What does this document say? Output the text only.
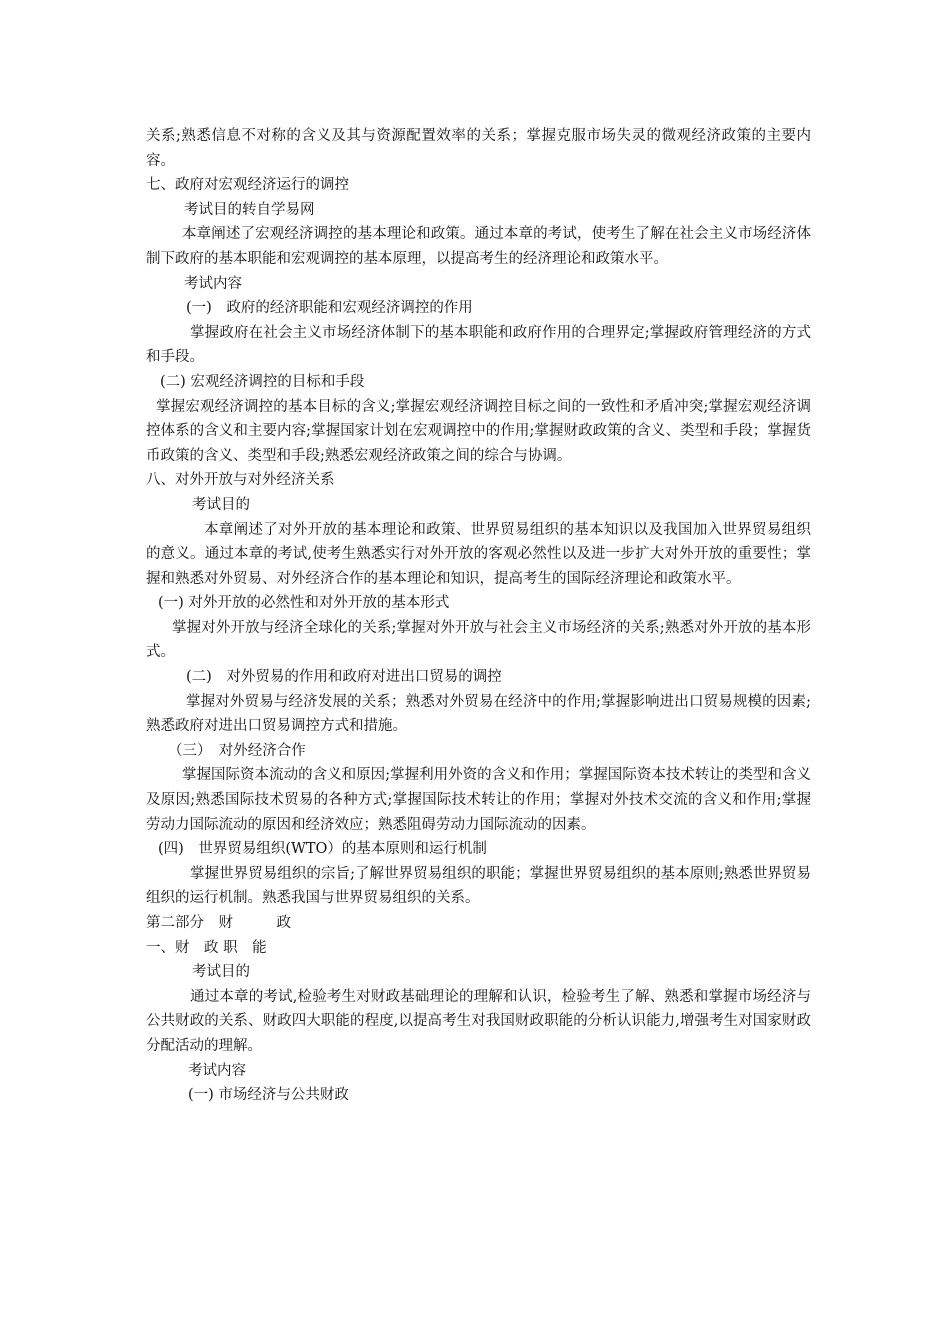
关系;熟悉信息不对称的含义及其与资源配置效率的关系；掌握克服市场失灵的微观经济政策的主要内容。

七、政府对宏观经济运行的调控

考试目的转自学易网

本章阐述了宏观经济调控的基本理论和政策。通过本章的考试，使考生了解在社会主义市场经济体制下政府的基本职能和宏观调控的基本原理，以提高考生的经济理论和政策水平。

考试内容

(一)　政府的经济职能和宏观经济调控的作用

掌握政府在社会主义市场经济体制下的基本职能和政府作用的合理界定;掌握政府管理经济的方式和手段。

(二) 宏观经济调控的目标和手段

掌握宏观经济调控的基本目标的含义;掌握宏观经济调控目标之间的一致性和矛盾冲突;掌握宏观经济调控体系的含义和主要内容;掌握国家计划在宏观调控中的作用;掌握财政政策的含义、类型和手段；掌握货币政策的含义、类型和手段;熟悉宏观经济政策之间的综合与协调。

八、对外开放与对外经济关系

考试目的

本章阐述了对外开放的基本理论和政策、世界贸易组织的基本知识以及我国加入世界贸易组织的意义。通过本章的考试,使考生熟悉实行对外开放的客观必然性以及进一步扩大对外开放的重要性；掌握和熟悉对外贸易、对外经济合作的基本理论和知识，提高考生的国际经济理论和政策水平。

(一) 对外开放的必然性和对外开放的基本形式

掌握对外开放与经济全球化的关系;掌握对外开放与社会主义市场经济的关系;熟悉对外开放的基本形式。

(二)　对外贸易的作用和政府对进出口贸易的调控

掌握对外贸易与经济发展的关系；熟悉对外贸易在经济中的作用;掌握影响进出口贸易规模的因素;熟悉政府对进出口贸易调控方式和措施。

（三）　对外经济合作

掌握国际资本流动的含义和原因;掌握利用外资的含义和作用；掌握国际资本技术转让的类型和含义及原因;熟悉国际技术贸易的各种方式;掌握国际技术转让的作用；掌握对外技术交流的含义和作用;掌握劳动力国际流动的原因和经济效应；熟悉阻碍劳动力国际流动的因素。

(四)　世界贸易组织(WTO）的基本原则和运行机制

掌握世界贸易组织的宗旨;了解世界贸易组织的职能；掌握世界贸易组织的基本原则;熟悉世界贸易组织的运行机制。熟悉我国与世界贸易组织的关系。

第二部分　财　　　政

一、财　政 职　能

考试目的

通过本章的考试,检验考生对财政基础理论的理解和认识，检验考生了解、熟悉和掌握市场经济与公共财政的关系、财政四大职能的程度,以提高考生对我国财政职能的分析认识能力,增强考生对国家财政分配活动的理解。

考试内容

(一) 市场经济与公共财政
